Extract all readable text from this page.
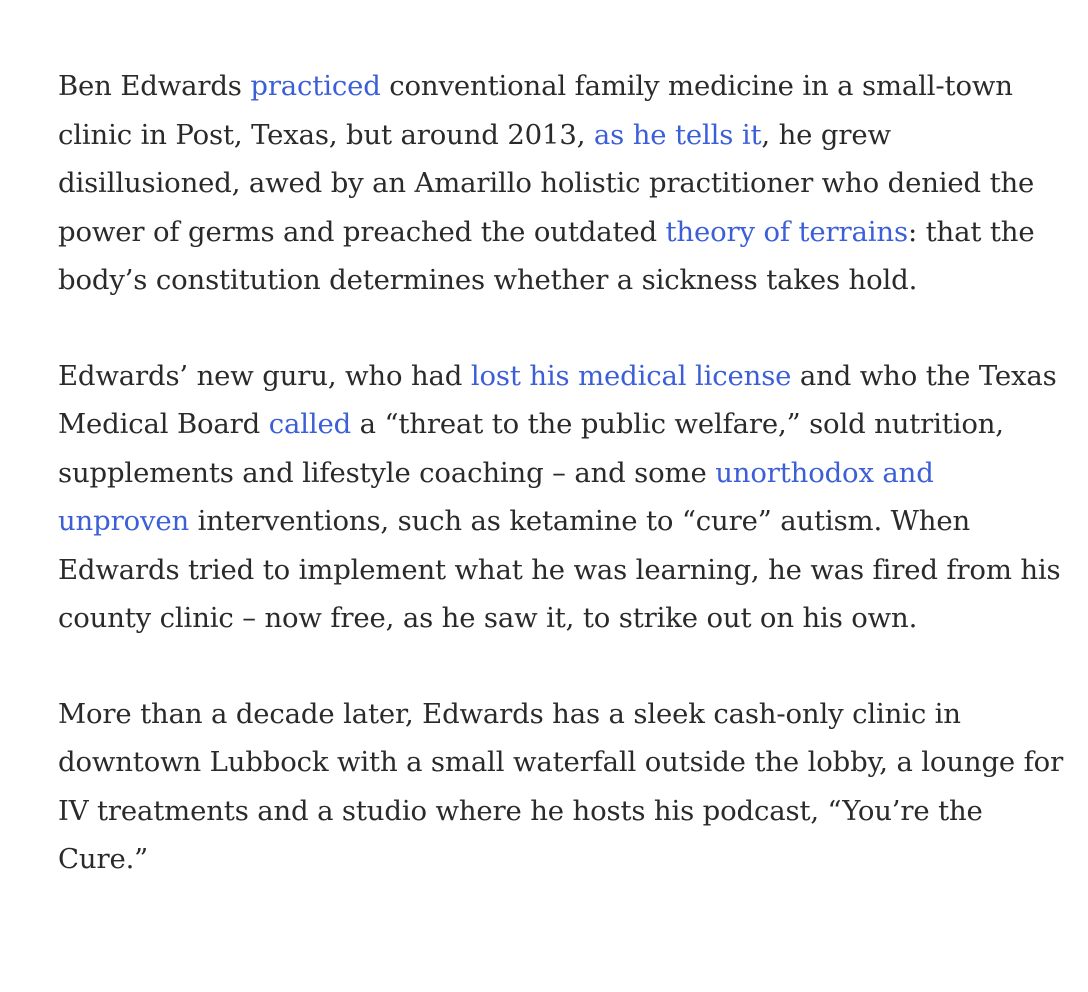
Ben Edwards practiced conventional family medicine in a small-town clinic in Post, Texas, but around 2013, as he tells it, he grew disillusioned, awed by an Amarillo holistic practitioner who denied the power of germs and preached the outdated theory of terrains: that the body’s constitution determines whether a sickness takes hold.

Edwards’ new guru, who had lost his medical license and who the Texas Medical Board called a “threat to the public welfare,” sold nutrition, supplements and lifestyle coaching – and some unorthodox and unproven interventions, such as ketamine to “cure” autism. When Edwards tried to implement what he was learning, he was fired from his county clinic – now free, as he saw it, to strike out on his own.

More than a decade later, Edwards has a sleek cash-only clinic in downtown Lubbock with a small waterfall outside the lobby, a lounge for IV treatments and a studio where he hosts his podcast, “You’re the Cure.”
